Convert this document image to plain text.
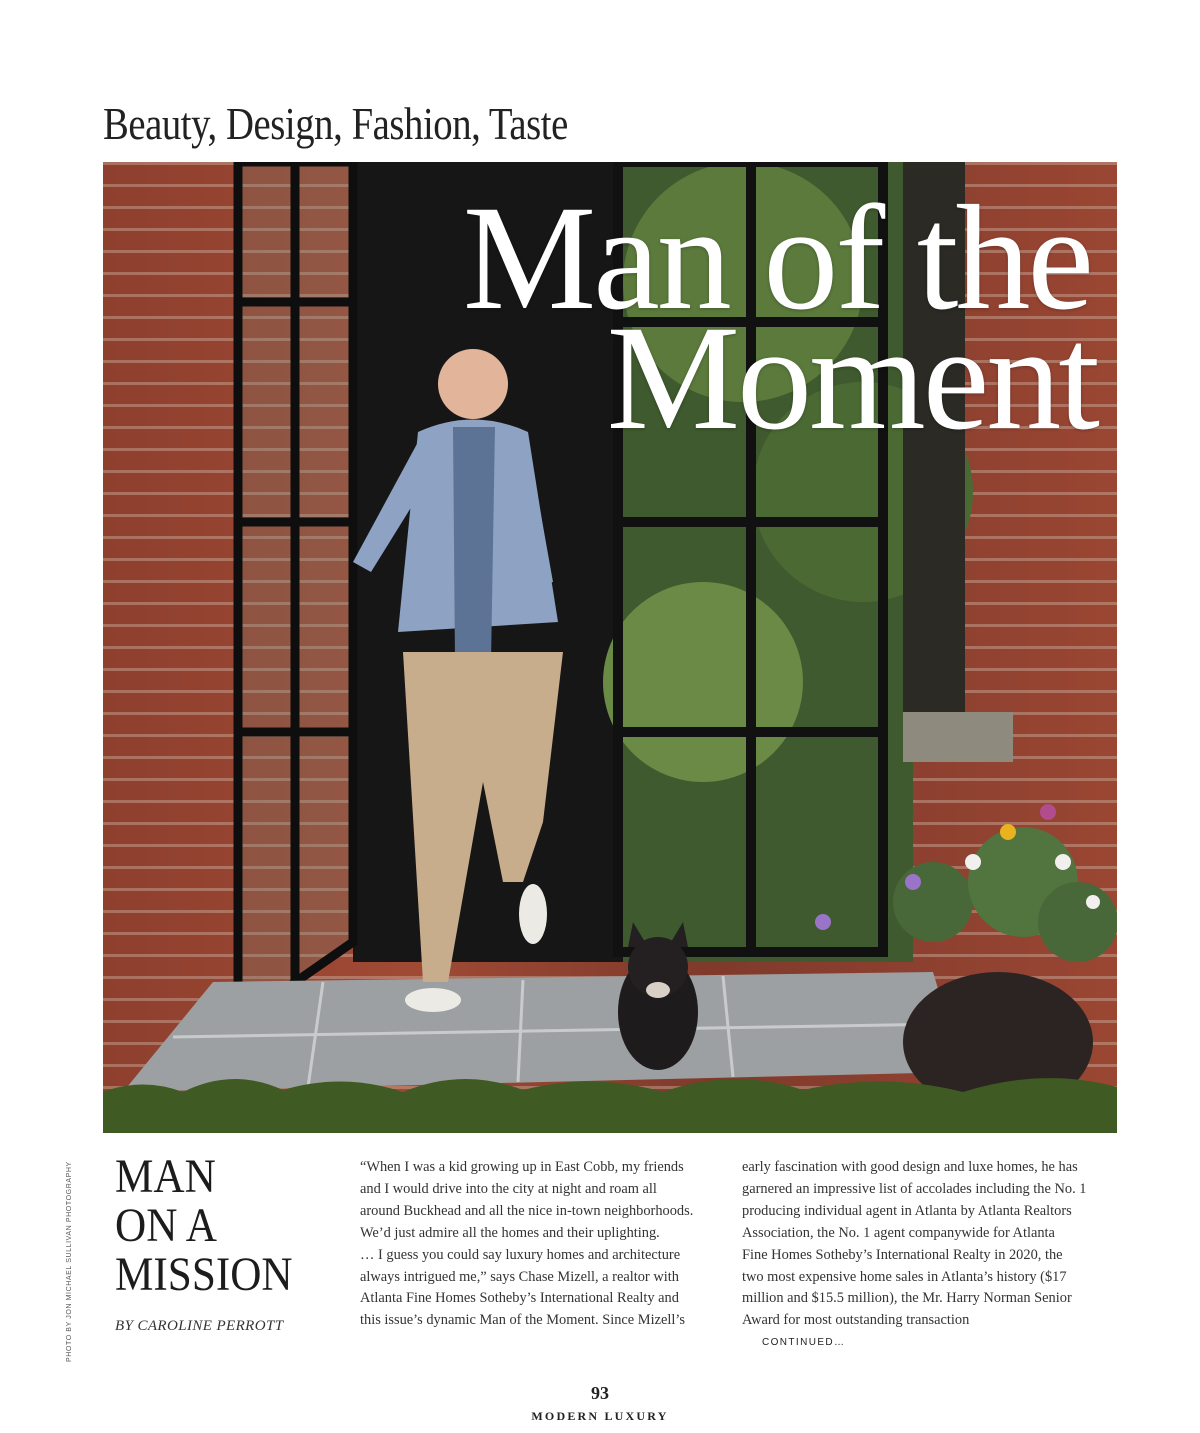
Beauty, Design, Fashion, Taste
Man of the
Moment

PHOTO BY JON MICHAEL SULLIVAN PHOTOGRAPHY MAN
ON A
MISSION

BY CAROLINE PERROTT

“When I was a kid growing up in East Cobb, my friends
and I would drive into the city at night and roam all
around Buckhead and all the nice in-town neighborhoods.
We’d just admire all the homes and their uplighting.
… I guess you could say luxury homes and architecture
always intrigued me,” says Chase Mizell, a realtor with
Atlanta Fine Homes Sotheby’s International Realty and
this issue’s dynamic Man of the Moment. Since Mizell’s

early fascination with good design and luxe homes, he has
garnered an impressive list of accolades including the No. 1
producing individual agent in Atlanta by Atlanta Realtors
Association, the No. 1 agent companywide for Atlanta
Fine Homes Sotheby’s International Realty in 2020, the
two most expensive home sales in Atlanta’s history ($17
million and $15.5 million), the Mr. Harry Norman Senior
Award for most outstanding transaction
CONTINUED…

93

MODERN LUXURY
